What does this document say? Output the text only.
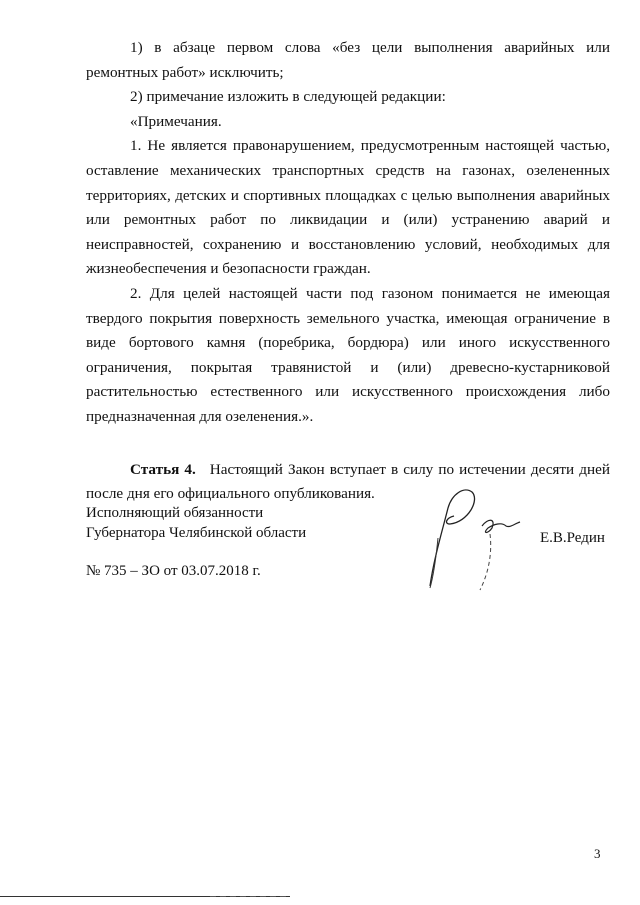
1) в абзаце первом слова «без цели выполнения аварийных или ремонтных работ» исключить;

2) примечание изложить в следующей редакции:

«Примечания.

1. Не является правонарушением, предусмотренным настоящей частью, оставление механических транспортных средств на газонах, озелененных территориях, детских и спортивных площадках с целью выполнения аварийных или ремонтных работ по ликвидации и (или) устранению аварий и неисправностей, сохранению и восстановлению условий, необходимых для жизнеобеспечения и безопасности граждан.

2. Для целей настоящей части под газоном понимается не имеющая твердого покрытия поверхность земельного участка, имеющая ограничение в виде бортового камня (поребрика, бордюра) или иного искусственного ограничения, покрытая травянистой и (или) древесно-кустарниковой растительностью естественного или искусственного происхождения либо предназначенная для озеленения.».

Статья 4. Настоящий Закон вступает в силу по истечении десяти дней после дня его официального опубликования.

Исполняющий обязанности
Губернатора Челябинской области	Е.В.Редин
№ 735 – ЗО от 03.07.2018 г.
3
